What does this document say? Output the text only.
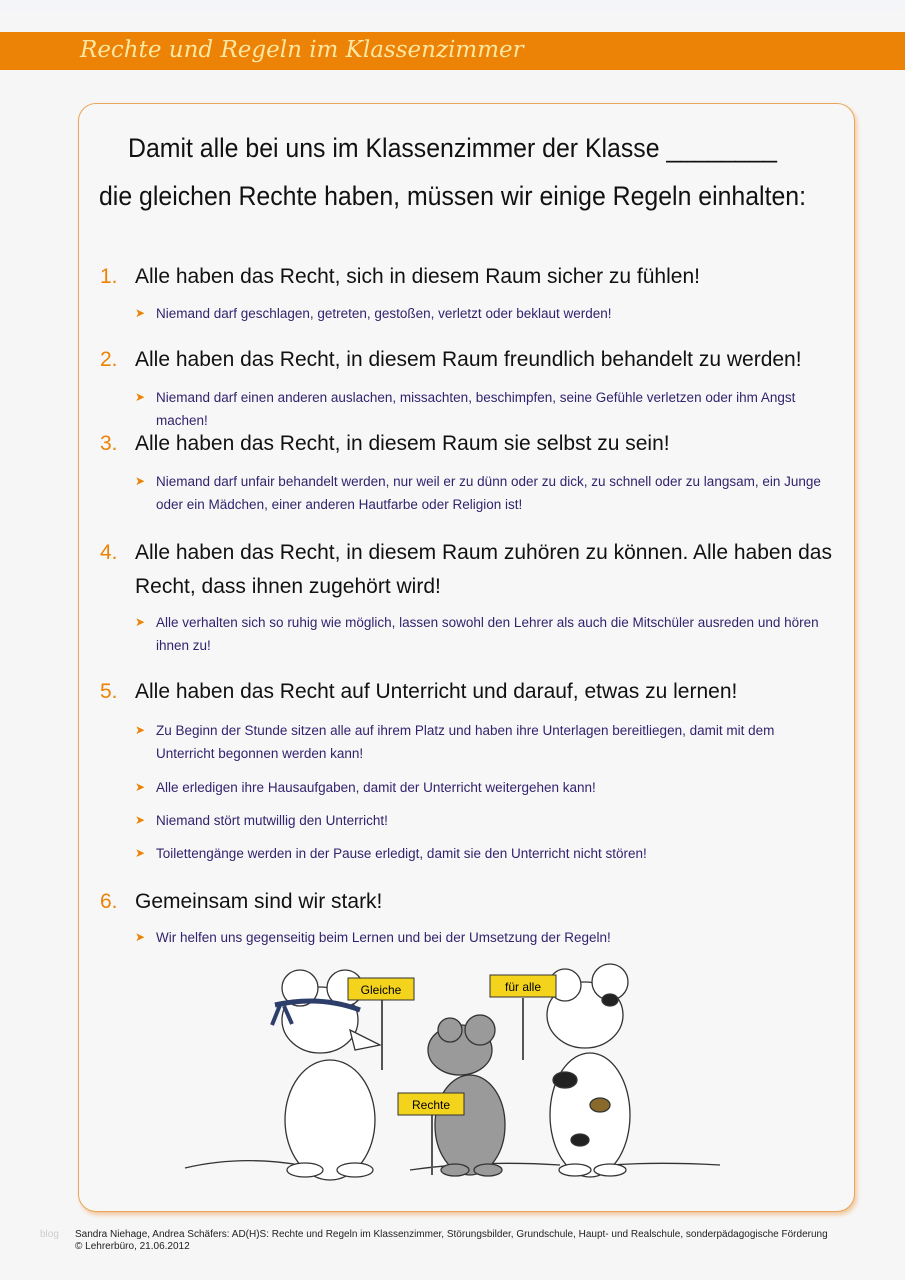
Rechte und Regeln im Klassenzimmer
Damit alle bei uns im Klassenzimmer der Klasse ________
die gleichen Rechte haben, müssen wir einige Regeln einhalten:
1. Alle haben das Recht, sich in diesem Raum sicher zu fühlen!
➤︎ Niemand darf geschlagen, getreten, gestoßen, verletzt oder beklaut werden!
2. Alle haben das Recht, in diesem Raum freundlich behandelt zu werden!
➤︎ Niemand darf einen anderen auslachen, missachten, beschimpfen, seine Gefühle verletzen oder ihm Angst machen!
3. Alle haben das Recht, in diesem Raum sie selbst zu sein!
➤︎ Niemand darf unfair behandelt werden, nur weil er zu dünn oder zu dick, zu schnell oder zu langsam, ein Junge oder ein Mädchen, einer anderen Hautfarbe oder Religion ist!
4. Alle haben das Recht, in diesem Raum zuhören zu können. Alle haben das Recht, dass ihnen zugehört wird!
➤︎ Alle verhalten sich so ruhig wie möglich, lassen sowohl den Lehrer als auch die Mitschüler ausreden und hören ihnen zu!
5. Alle haben das Recht auf Unterricht und darauf, etwas zu lernen!
➤︎ Zu Beginn der Stunde sitzen alle auf ihrem Platz und haben ihre Unterlagen bereitliegen, damit mit dem Unterricht begonnen werden kann!
➤︎ Alle erledigen ihre Hausaufgaben, damit der Unterricht weitergehen kann!
➤︎ Niemand stört mutwillig den Unterricht!
➤︎ Toilettengänge werden in der Pause erledigt, damit sie den Unterricht nicht stören!
6. Gemeinsam sind wir stark!
➤︎ Wir helfen uns gegenseitig beim Lernen und bei der Umsetzung der Regeln!
Gleiche
Rechte
für alle
blog Sandra Niehage, Andrea Schäfers: AD(H)S: Rechte und Regeln im Klassenzimmer, Störungsbilder, Grundschule, Haupt- und Realschule, sonderpädagogische Förderung
© Lehrerbüro, 21.06.2012
